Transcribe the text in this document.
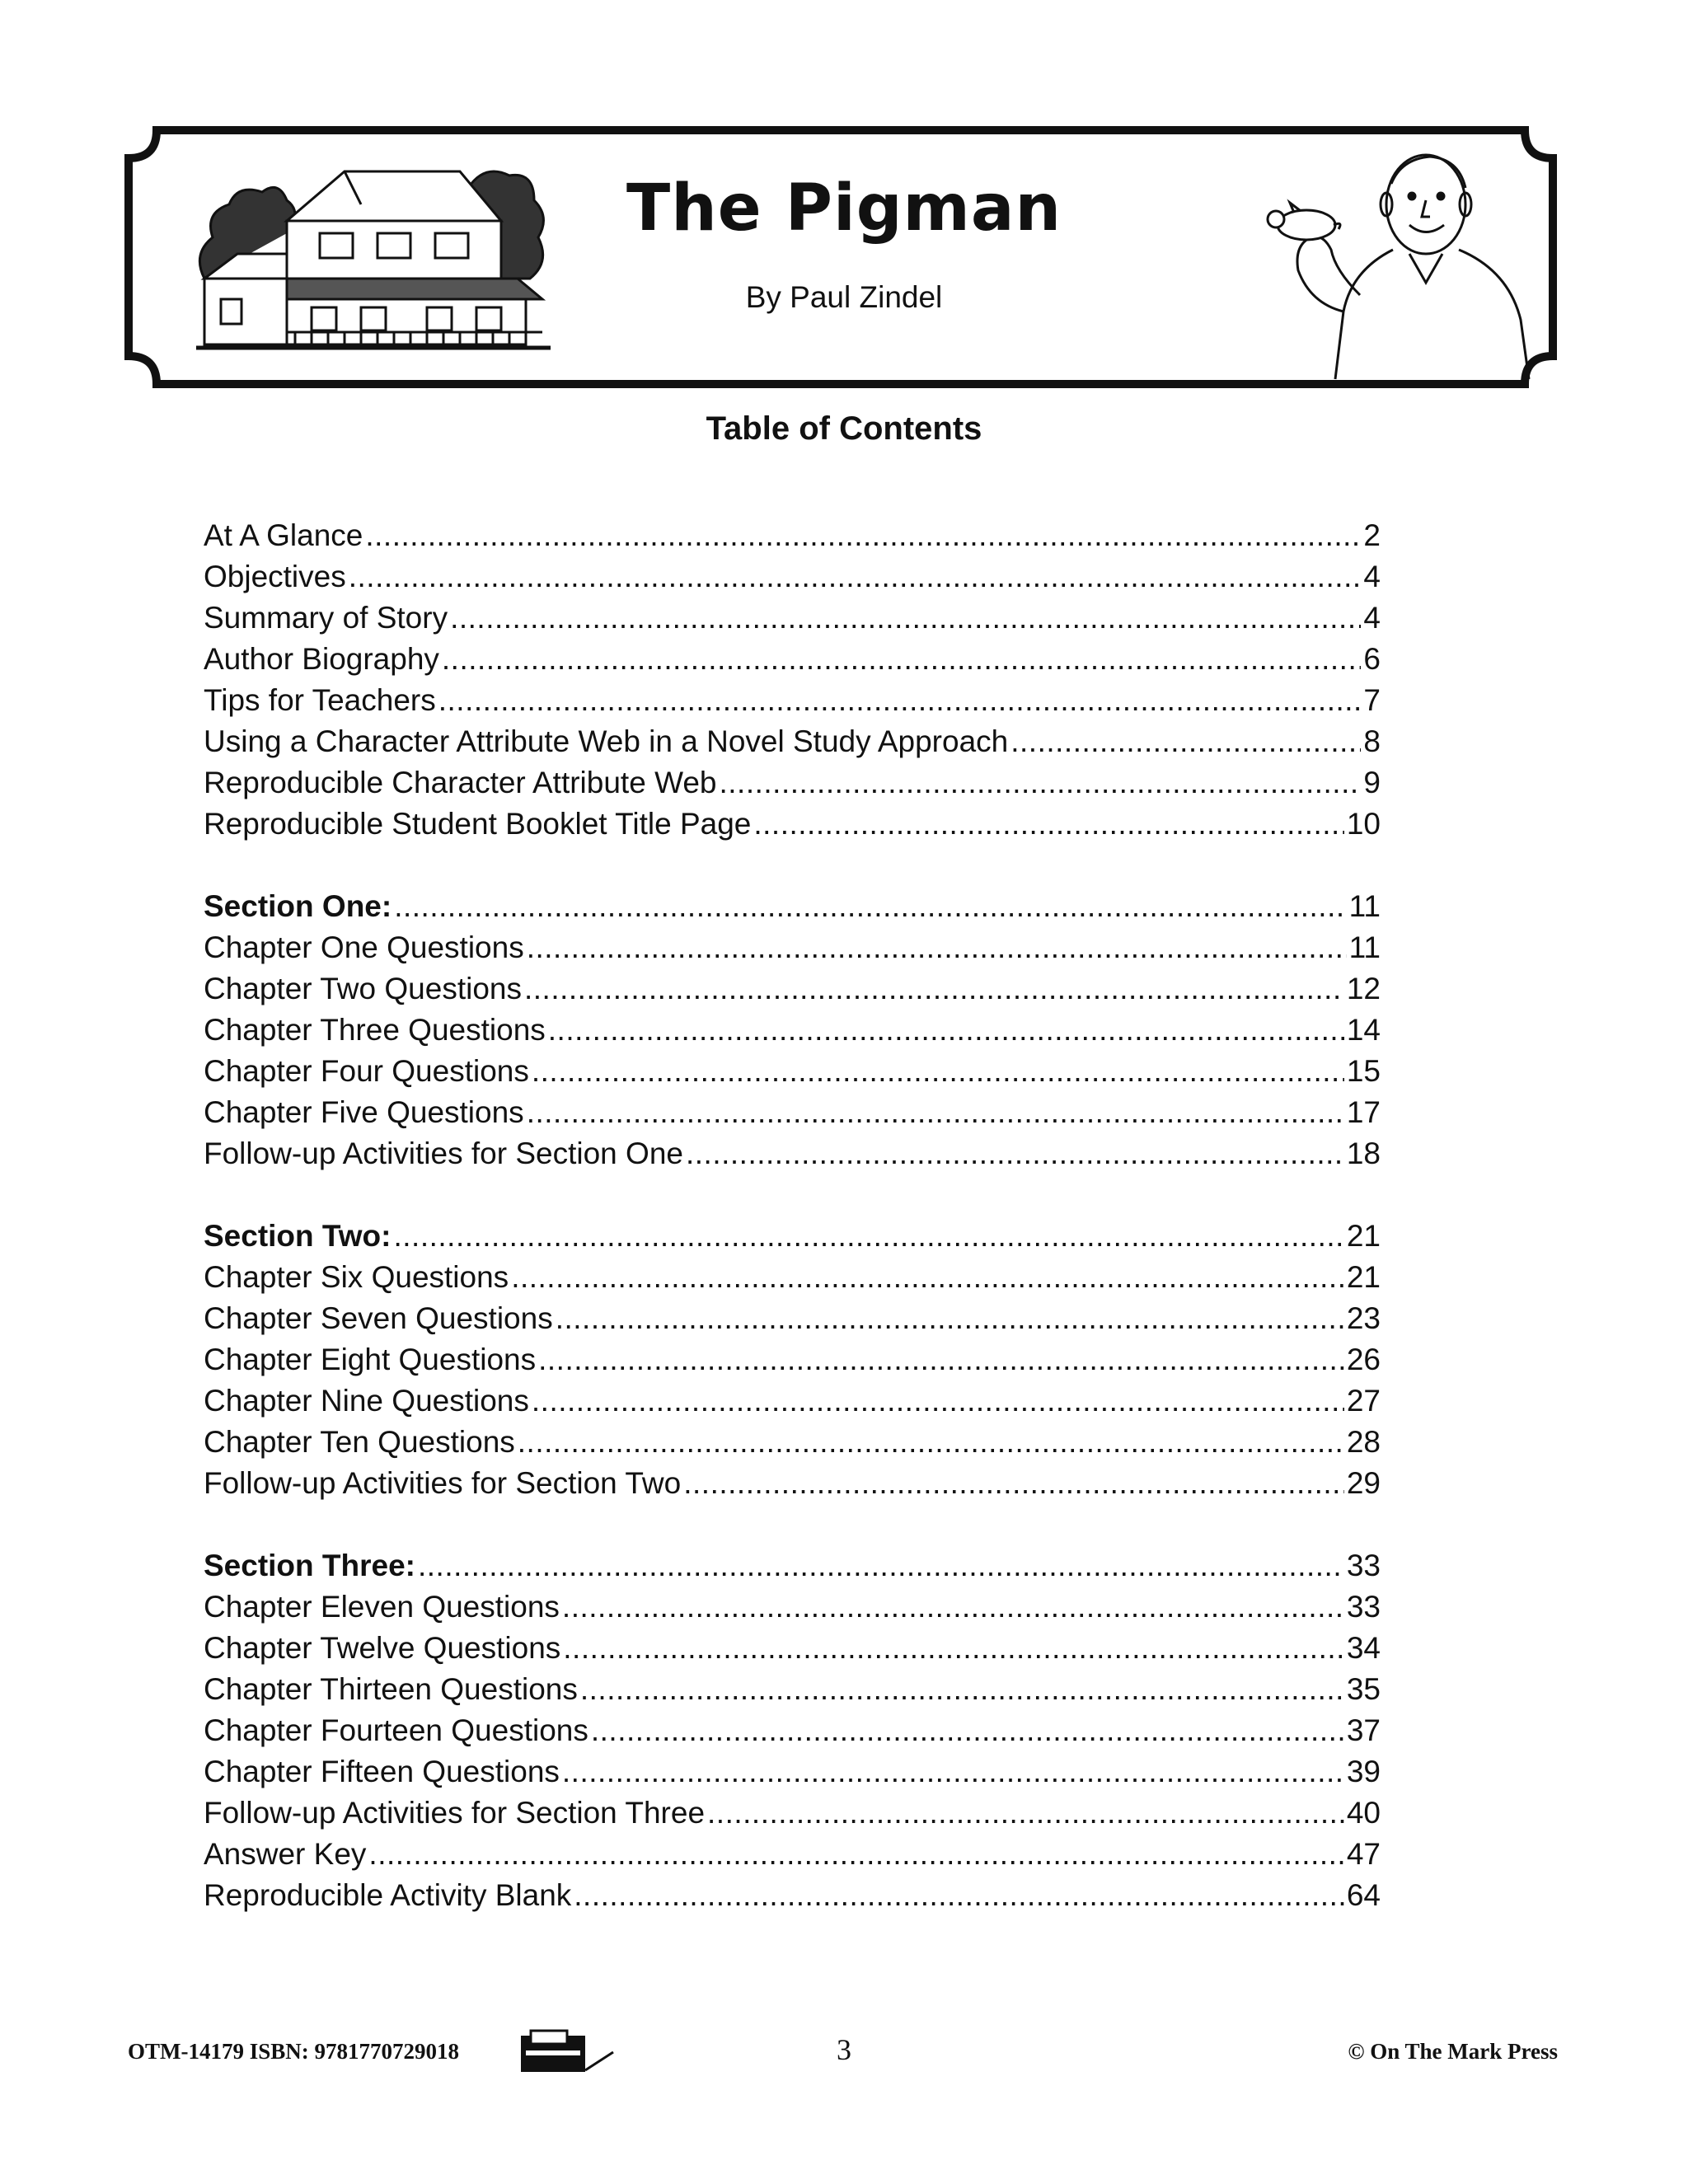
The Pigman
By Paul Zindel
Table of Contents
At A Glance .....	2
Objectives .....	4
Summary of Story .....	4
Author Biography .....	6
Tips for Teachers .....	7
Using a Character Attribute Web in a Novel Study Approach .....	8
Reproducible Character Attribute Web .....	9
Reproducible Student Booklet Title Page .....	10
Section One: .....	11
Chapter One Questions .....	11
Chapter Two Questions .....	12
Chapter Three Questions .....	14
Chapter Four Questions .....	15
Chapter Five Questions .....	17
Follow-up Activities for Section One .....	18
Section Two: .....	21
Chapter Six Questions .....	21
Chapter Seven Questions .....	23
Chapter Eight Questions .....	26
Chapter Nine Questions .....	27
Chapter Ten Questions .....	28
Follow-up Activities for Section Two .....	29
Section Three: .....	33
Chapter Eleven Questions .....	33
Chapter Twelve Questions .....	34
Chapter Thirteen Questions .....	35
Chapter Fourteen Questions .....	37
Chapter Fifteen Questions .....	39
Follow-up Activities for Section Three .....	40
Answer Key .....	47
Reproducible Activity Blank .....	64
OTM-14179 ISBN: 9781770729018	3	© On The Mark Press
